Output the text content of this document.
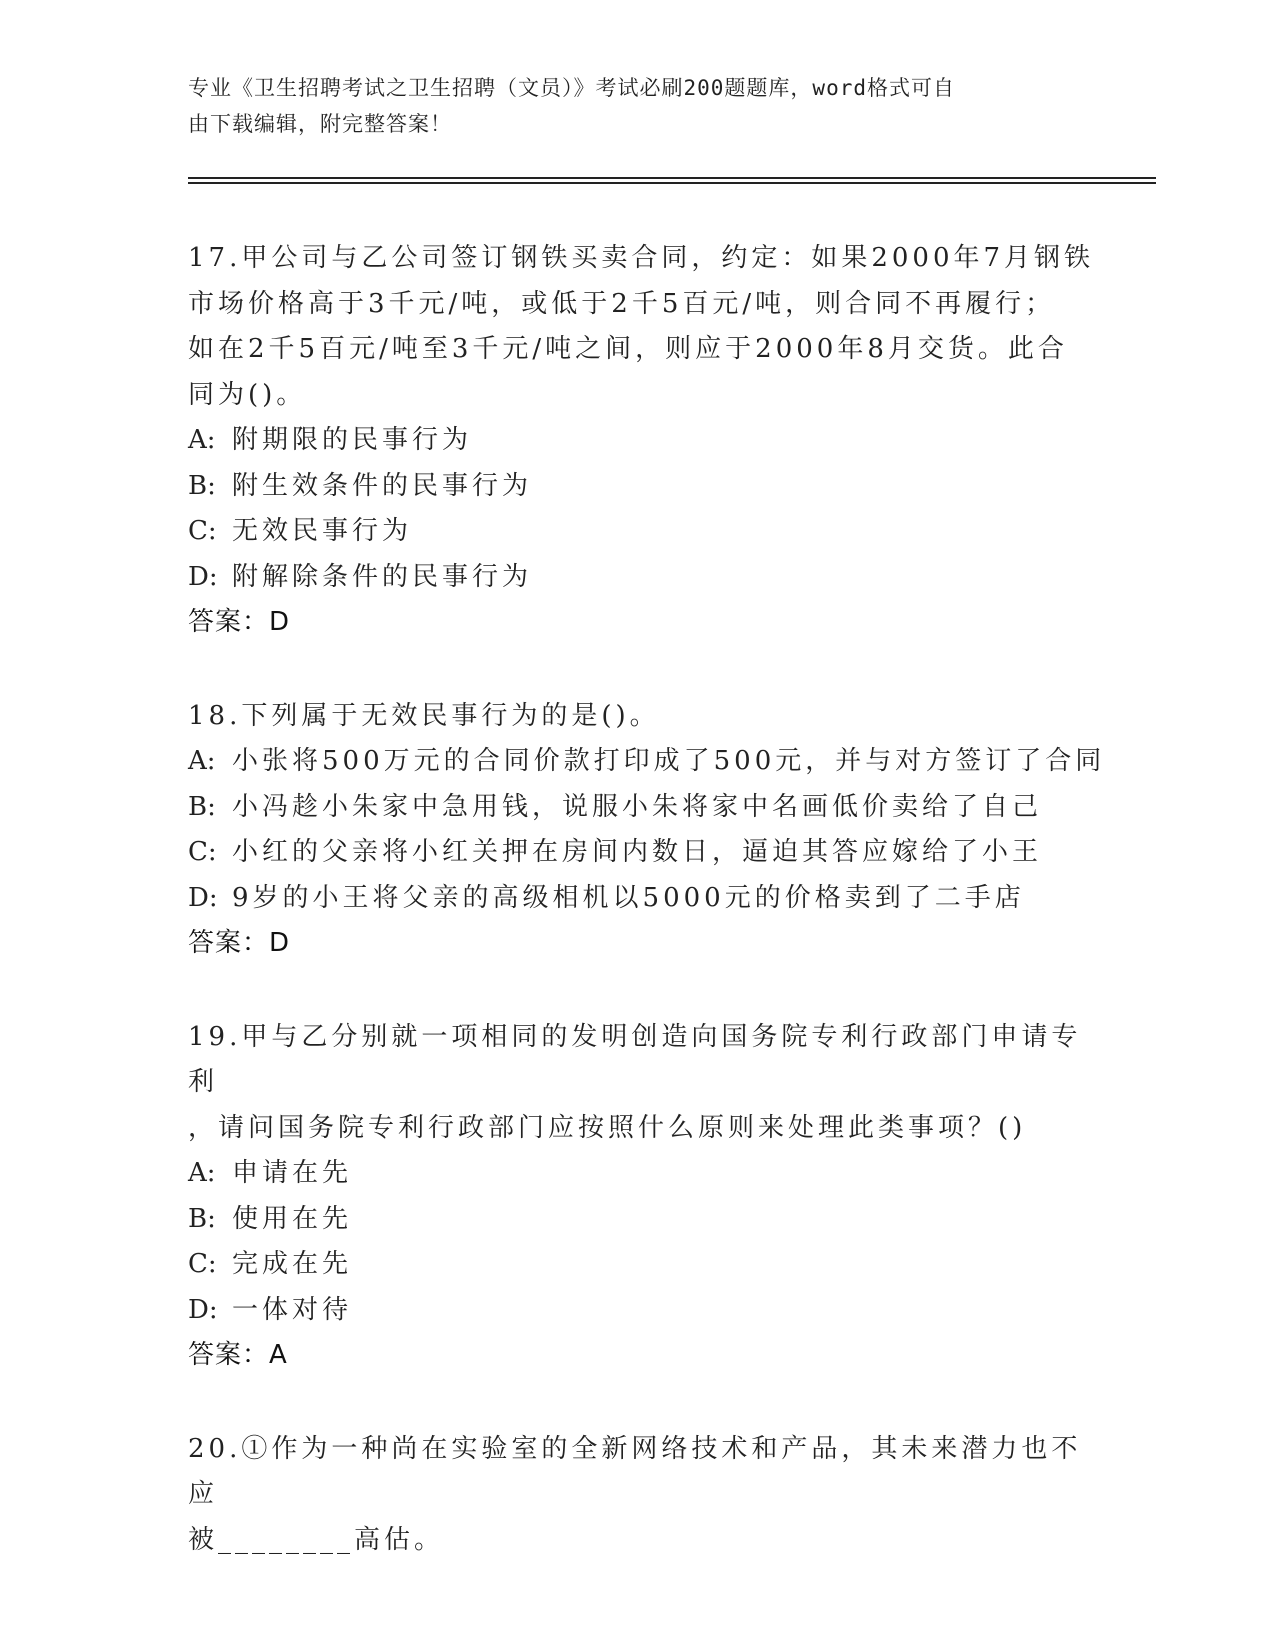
专业《卫生招聘考试之卫生招聘（文员）》考试必刷200题题库，word格式可自
由下载编辑，附完整答案！

17.甲公司与乙公司签订钢铁买卖合同，约定：如果2000年7月钢铁

市场价格高于3千元/吨，或低于2千5百元/吨，则合同不再履行；

如在2千5百元/吨至3千元/吨之间，则应于2000年8月交货。此合

同为()。

A: 附期限的民事行为
B: 附生效条件的民事行为
C: 无效民事行为
D: 附解除条件的民事行为
答案：D

18.下列属于无效民事行为的是()。

A: 小张将500万元的合同价款打印成了500元，并与对方签订了合同
B: 小冯趁小朱家中急用钱，说服小朱将家中名画低价卖给了自己
C: 小红的父亲将小红关押在房间内数日，逼迫其答应嫁给了小王
D: 9岁的小王将父亲的高级相机以5000元的价格卖到了二手店
答案：D

19.甲与乙分别就一项相同的发明创造向国务院专利行政部门申请专利

，请问国务院专利行政部门应按照什么原则来处理此类事项？()

A: 申请在先
B: 使用在先
C: 完成在先
D: 一体对待
答案：A

20.①作为一种尚在实验室的全新网络技术和产品，其未来潜力也不应

被________高估。
